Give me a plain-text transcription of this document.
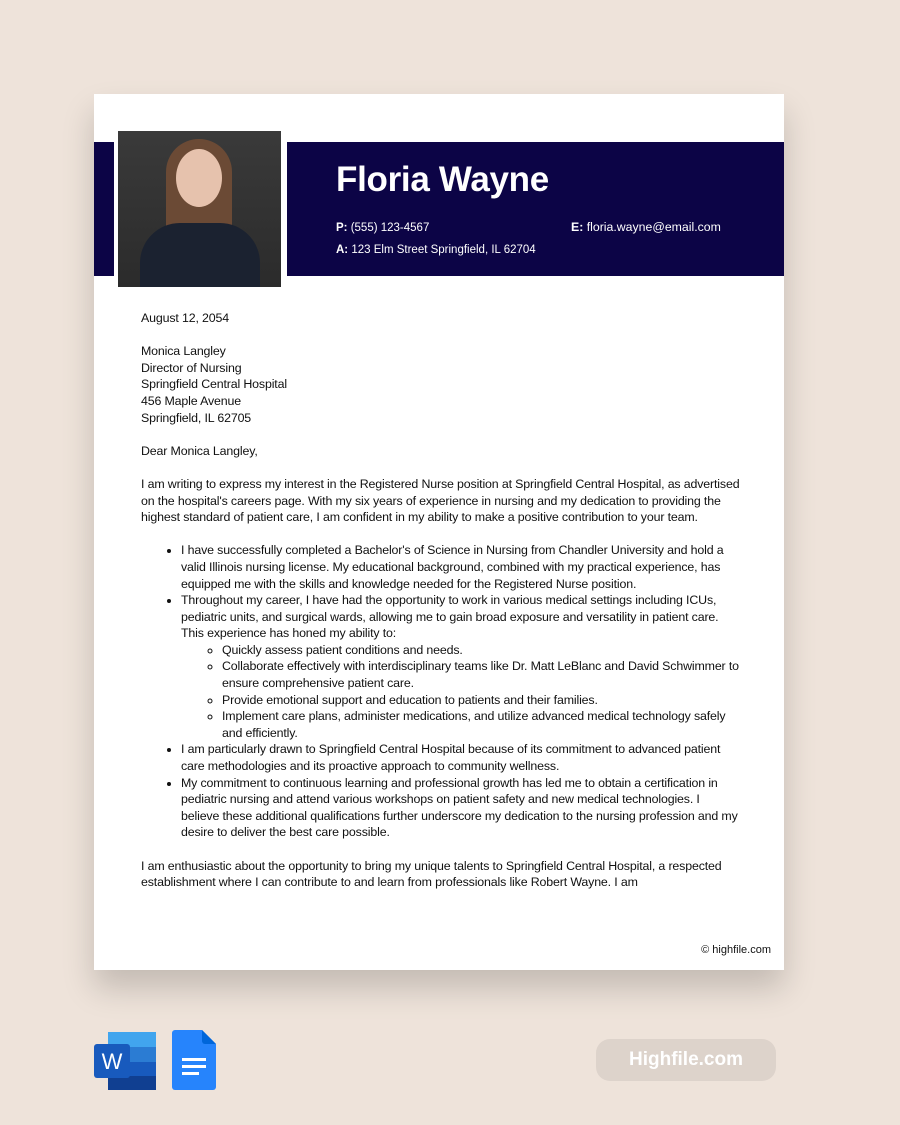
Floria Wayne
P: (555) 123-4567	E: floria.wayne@email.com
A: 123 Elm Street Springfield, IL 62704

August 12, 2054

Monica Langley
Director of Nursing
Springfield Central Hospital
456 Maple Avenue
Springfield, IL 62705

Dear Monica Langley,

I am writing to express my interest in the Registered Nurse position at Springfield Central Hospital, as advertised on the hospital's careers page. With my six years of experience in nursing and my dedication to providing the highest standard of patient care, I am confident in my ability to make a positive contribution to your team.

• I have successfully completed a Bachelor's of Science in Nursing from Chandler University and hold a valid Illinois nursing license. My educational background, combined with my practical experience, has equipped me with the skills and knowledge needed for the Registered Nurse position.
• Throughout my career, I have had the opportunity to work in various medical settings including ICUs, pediatric units, and surgical wards, allowing me to gain broad exposure and versatility in patient care. This experience has honed my ability to:
◦ Quickly assess patient conditions and needs.
◦ Collaborate effectively with interdisciplinary teams like Dr. Matt LeBlanc and David Schwimmer to ensure comprehensive patient care.
◦ Provide emotional support and education to patients and their families.
◦ Implement care plans, administer medications, and utilize advanced medical technology safely and efficiently.
• I am particularly drawn to Springfield Central Hospital because of its commitment to advanced patient care methodologies and its proactive approach to community wellness.
• My commitment to continuous learning and professional growth has led me to obtain a certification in pediatric nursing and attend various workshops on patient safety and new medical technologies. I believe these additional qualifications further underscore my dedication to the nursing profession and my desire to deliver the best care possible.

I am enthusiastic about the opportunity to bring my unique talents to Springfield Central Hospital, a respected establishment where I can contribute to and learn from professionals like Robert Wayne. I am

© highfile.com
W	Highfile.com
